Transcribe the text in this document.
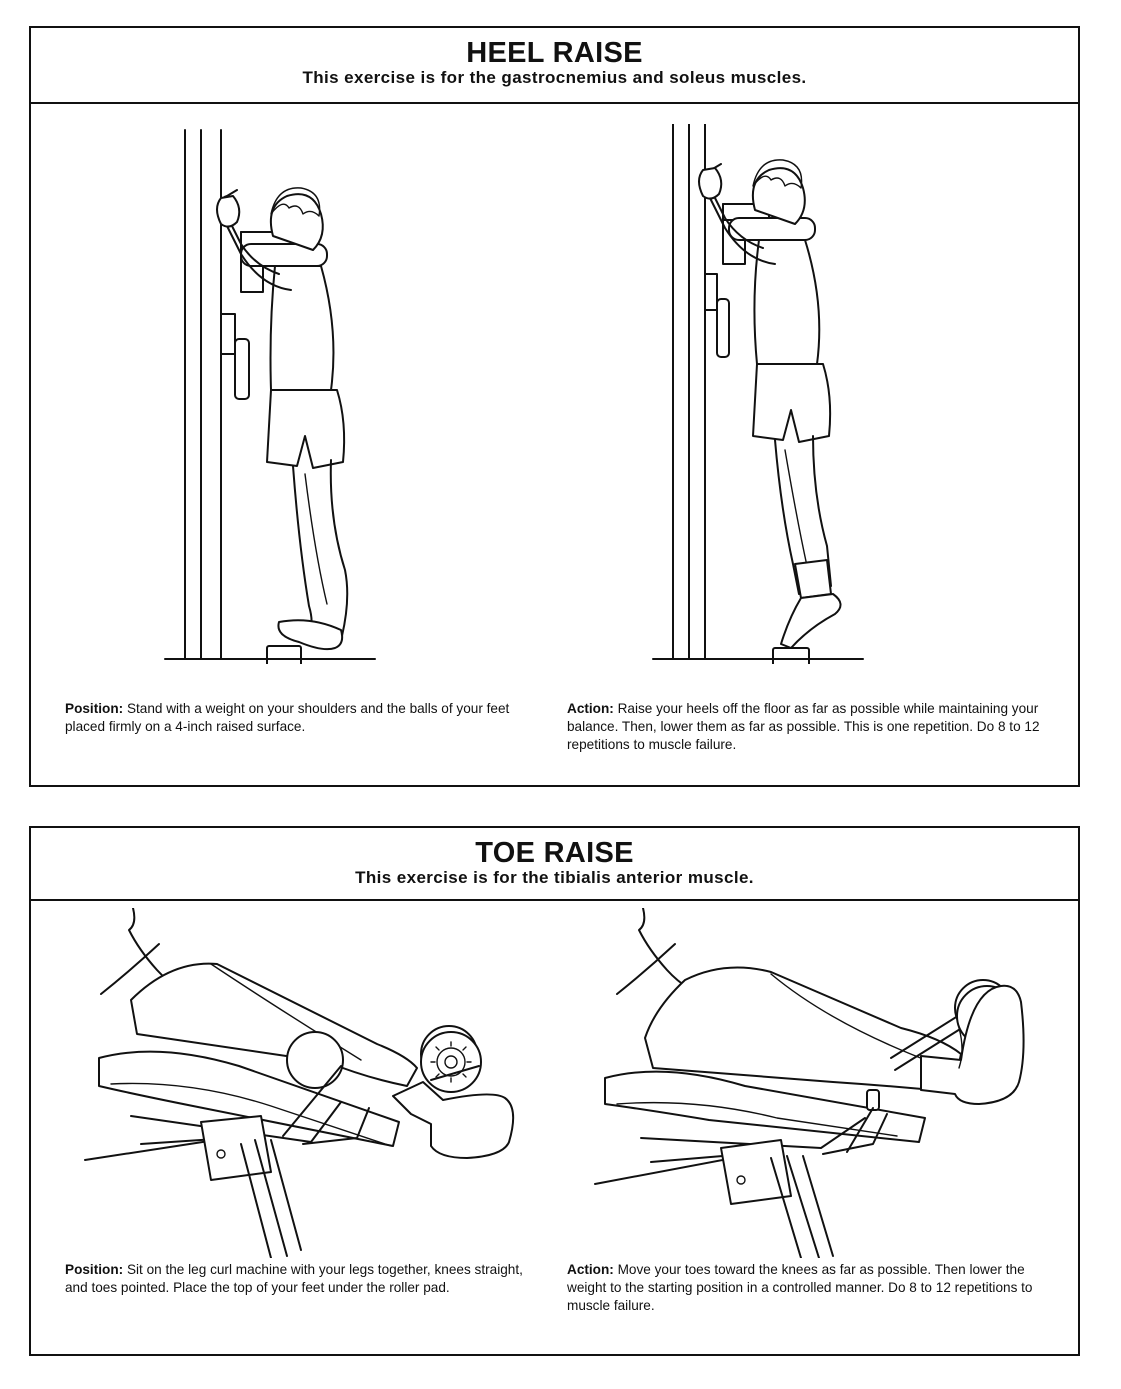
HEEL RAISE
This exercise is for the gastrocnemius and soleus muscles.
Position: Stand with a weight on your shoulders and the balls of your feet placed firmly on a 4-inch raised surface.
Action: Raise your heels off the floor as far as possible while maintaining your balance. Then, lower them as far as possible. This is one repetition. Do 8 to 12 repetitions to muscle failure.
TOE RAISE
This exercise is for the tibialis anterior muscle.
Position: Sit on the leg curl machine with your legs together, knees straight, and toes pointed. Place the top of your feet under the roller pad.
Action: Move your toes toward the knees as far as possible. Then lower the weight to the starting position in a controlled manner. Do 8 to 12 repetitions to muscle failure.
